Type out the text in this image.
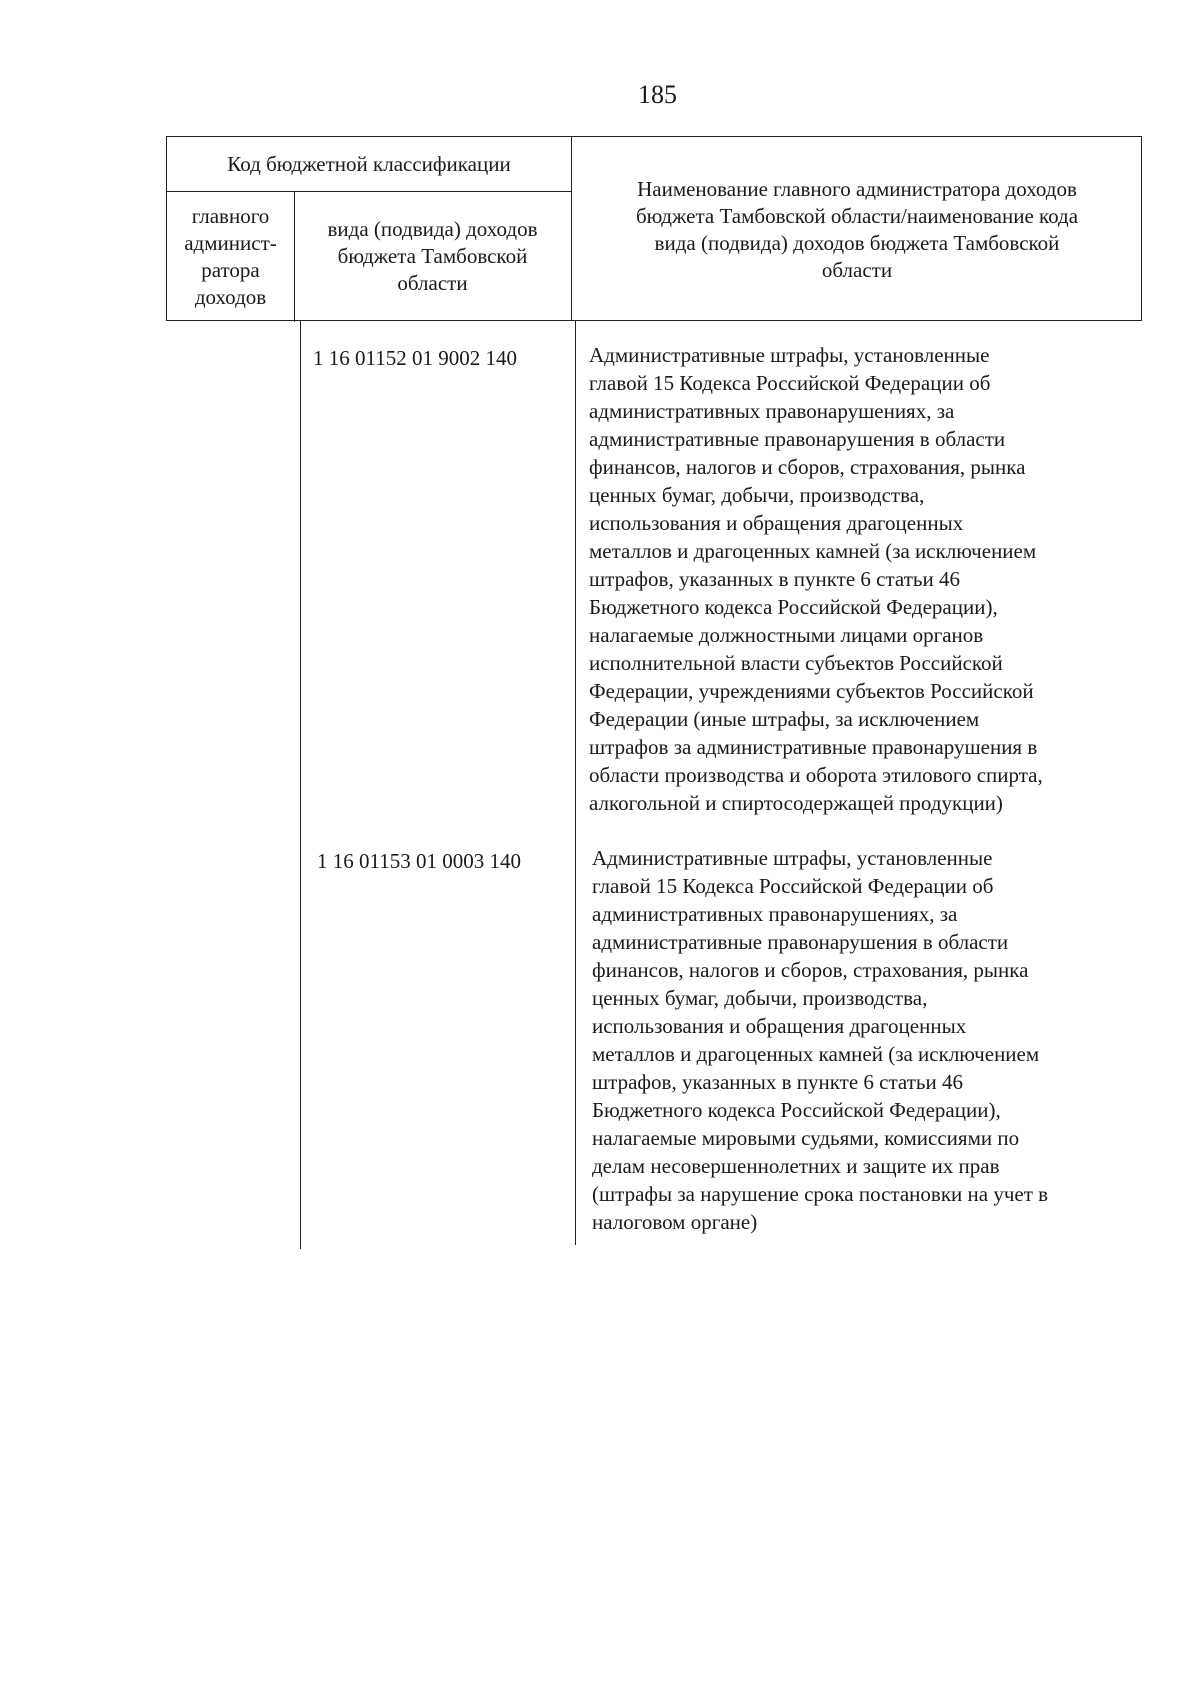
185
Код бюджетной классификации
главного
админист-
ратора
доходов
вида (подвида) доходов
бюджета Тамбовской
области
Наименование главного администратора доходов
бюджета Тамбовской области/наименование кода
вида (подвида) доходов бюджета Тамбовской
области
1 16 01152 01 9002 140	Административные штрафы, установленные
главой 15 Кодекса Российской Федерации об
административных правонарушениях, за
административные правонарушения в области
финансов, налогов и сборов, страхования, рынка
ценных бумаг, добычи, производства,
использования и обращения драгоценных
металлов и драгоценных камней (за исключением
штрафов, указанных в пункте 6 статьи 46
Бюджетного кодекса Российской Федерации),
налагаемые должностными лицами органов
исполнительной власти субъектов Российской
Федерации, учреждениями субъектов Российской
Федерации (иные штрафы, за исключением
штрафов за административные правонарушения в
области производства и оборота этилового спирта,
алкогольной и спиртосодержащей продукции)
1 16 01153 01 0003 140	Административные штрафы, установленные
главой 15 Кодекса Российской Федерации об
административных правонарушениях, за
административные правонарушения в области
финансов, налогов и сборов, страхования, рынка
ценных бумаг, добычи, производства,
использования и обращения драгоценных
металлов и драгоценных камней (за исключением
штрафов, указанных в пункте 6 статьи 46
Бюджетного кодекса Российской Федерации),
налагаемые мировыми судьями, комиссиями по
делам несовершеннолетних и защите их прав
(штрафы за нарушение срока постановки на учет в
налоговом органе)
